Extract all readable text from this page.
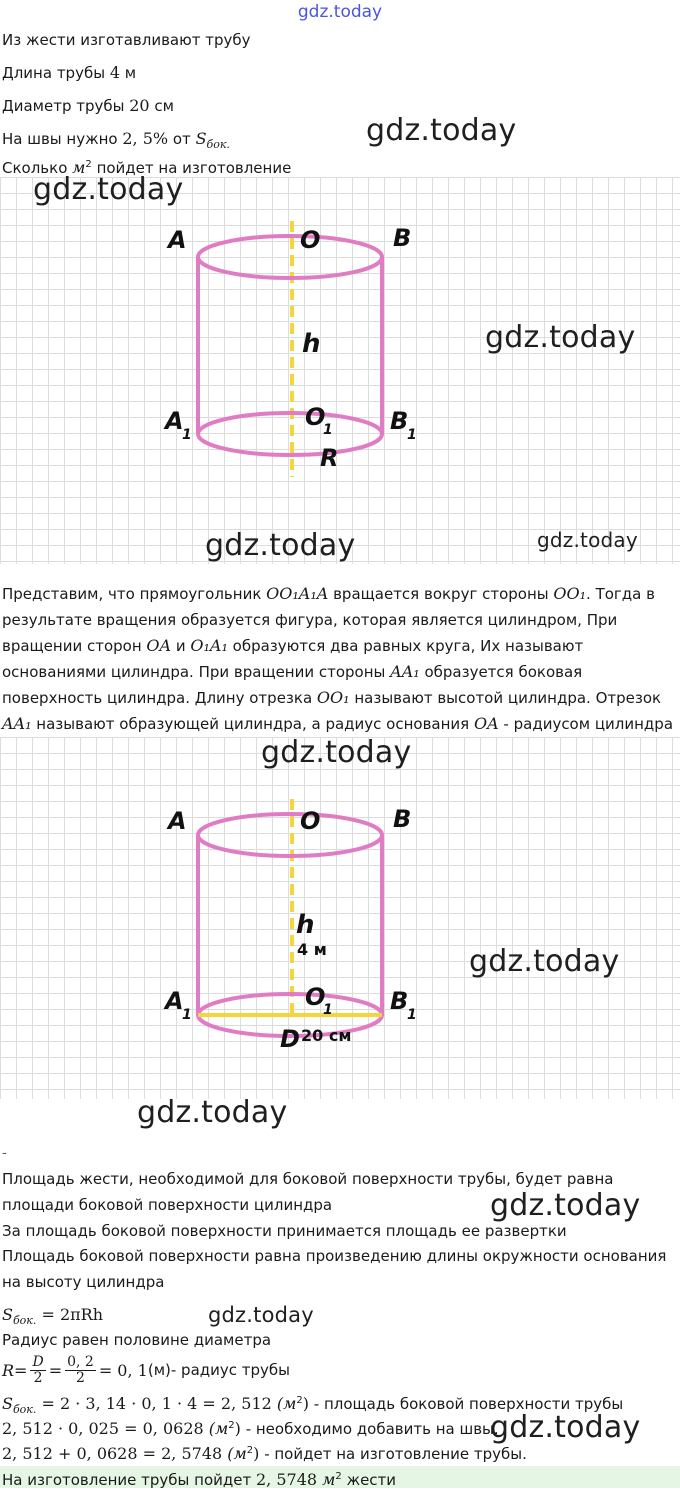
gdz.today
Из жести изготавливают трубу
Длина трубы 4 м
Диаметр трубы 20 см
На швы нужно 2, 5% от $S_{бок.}$
Сколько $м^2$ пойдет на изготовление
gdz.today
A	O	B
h
A
1
O
1 B
1
R
gdz.today
gdz.today
gdz.today	gdz.today
Представим, что прямоугольник OO₁A₁A вращается вокруг стороны OO₁. Тогда в результате вращения образуется фигура, которая является цилиндром, При вращении сторон OA и O₁A₁ образуются два равных круга, Их называют основаниями цилиндра. При вращении стороны AA₁ образуется боковая поверхность цилиндра. Длину отрезка OO₁ называют высотой цилиндра. Отрезок AA₁ называют образующей цилиндра, а радиус основания OA - радиусом цилиндра
A	O	B
h
4 м
A
1
O
1 B
1
D 20 см
gdz.today
gdz.today
gdz.today
-
Площадь жести, необходимой для боковой поверхности трубы, будет равна площади боковой поверхности цилиндра
За площадь боковой поверхности принимается площадь ее развертки
Площадь боковой поверхности равна произведению длины окружности основания на высоту цилиндра
gdz.today
$S_{бок.} = 2\pi Rh$	gdz.today
Радиус равен половине диаметра
$R = \frac{D}{2} = \frac{0, 2}{2} = 0$, 1 (м) - радиус трубы
$S_{бок.} = 2 \cdot 3$, 14 · 0, 1 · 4 = 2, 512 $(м^2)$ - площадь боковой поверхности трубы
2, 512 · 0, 025 = 0, 0628 $(м^2)$ - необходимо добавить на швы.
2, 512 + 0, 0628 = 2, 5748 $(м^2)$ - пойдет на изготовление трубы.
gdz.today
На изготовление трубы пойдет 2, 5748 $м^2$ жести
